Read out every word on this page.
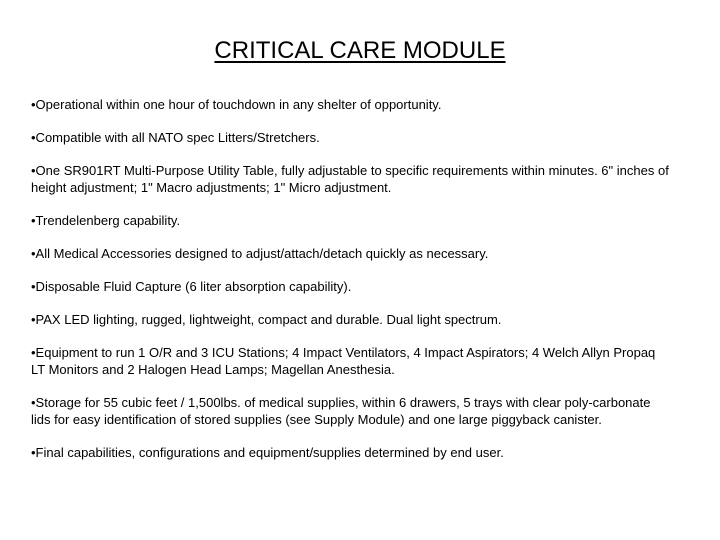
CRITICAL CARE MODULE
•Operational within one hour of touchdown in any shelter of opportunity.
•Compatible with all NATO spec Litters/Stretchers.
•One SR901RT Multi-Purpose Utility Table, fully adjustable to specific requirements within minutes. 6" inches of height adjustment; 1" Macro adjustments; 1" Micro adjustment.
•Trendelenberg capability.
•All Medical Accessories designed to adjust/attach/detach quickly as necessary.
•Disposable Fluid Capture (6 liter absorption capability).
•PAX LED lighting, rugged, lightweight, compact and durable. Dual light spectrum.
•Equipment to run 1 O/R and 3 ICU Stations; 4 Impact Ventilators, 4 Impact Aspirators; 4 Welch Allyn Propaq LT Monitors and 2 Halogen Head Lamps; Magellan Anesthesia.
•Storage for 55 cubic feet / 1,500lbs. of medical supplies, within 6 drawers, 5 trays with clear poly-carbonate lids for easy identification of stored supplies (see Supply Module) and one large piggyback canister.
•Final capabilities, configurations and equipment/supplies determined by end user.
